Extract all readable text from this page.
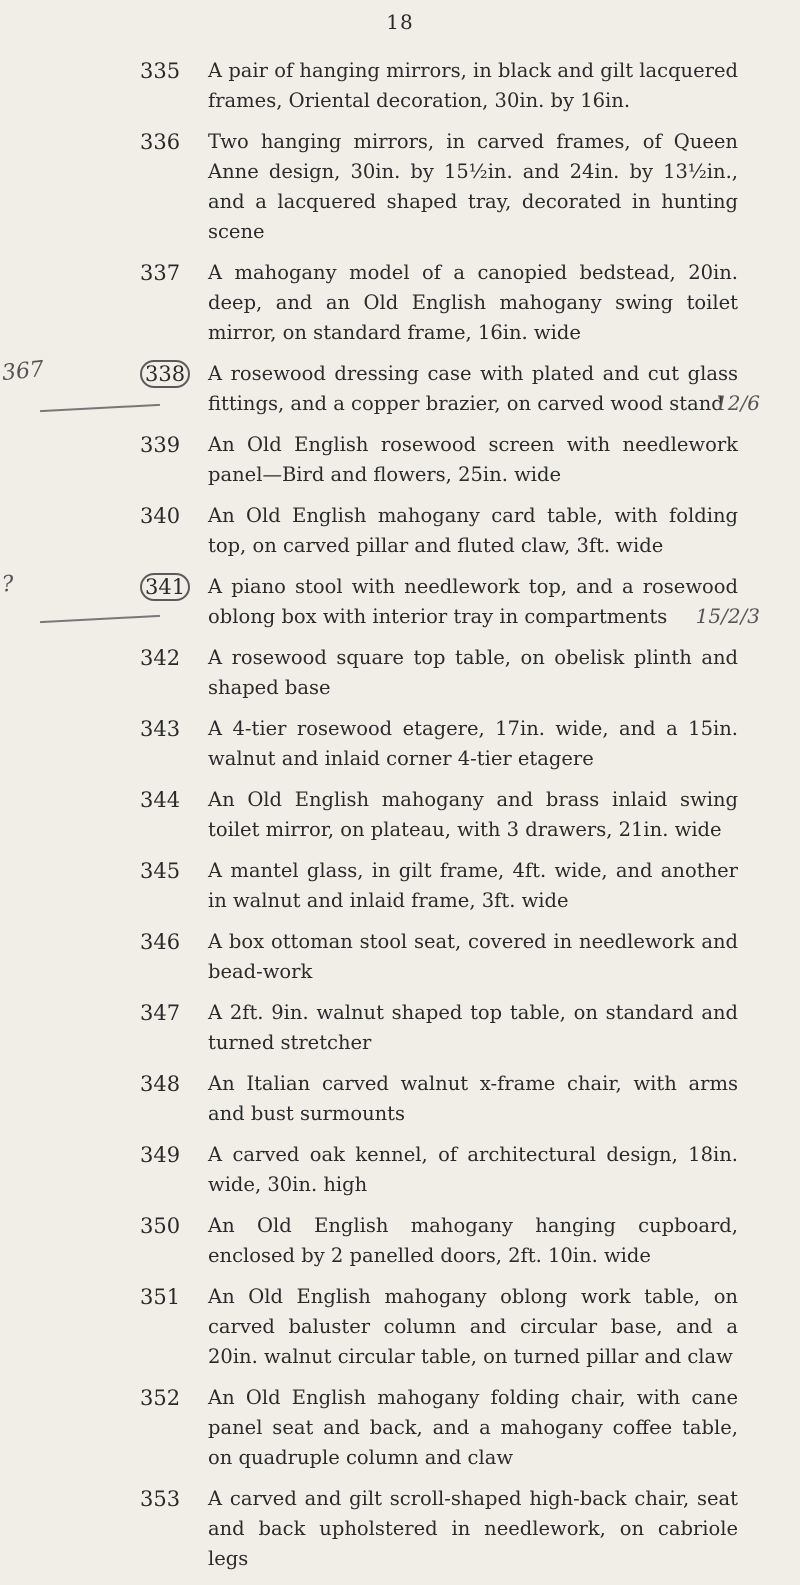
18
335	A pair of hanging mirrors, in black and gilt lacquered frames, Oriental decoration, 30in. by 16in.
336	Two hanging mirrors, in carved frames, of Queen Anne design, 30in. by 15½in. and 24in. by 13½in., and a lacquered shaped tray, decorated in hunting scene
337	A mahogany model of a canopied bedstead, 20in. deep, and an Old English mahogany swing toilet mirror, on standard frame, 16in. wide
367	338	A rosewood dressing case with plated and cut glass fittings, and a copper brazier, on carved wood stand
12/6
339	An Old English rosewood screen with needlework panel—Bird and flowers, 25in. wide
340	An Old English mahogany card table, with folding top, on carved pillar and fluted claw, 3ft. wide
?	341	A piano stool with needlework top, and a rosewood oblong box with interior tray in compartments	15/2/3
342	A rosewood square top table, on obelisk plinth and shaped base
343	A 4-tier rosewood etagere, 17in. wide, and a 15in. walnut and inlaid corner 4-tier etagere
344	An Old English mahogany and brass inlaid swing toilet mirror, on plateau, with 3 drawers, 21in. wide
345	A mantel glass, in gilt frame, 4ft. wide, and another in walnut and inlaid frame, 3ft. wide
346	A box ottoman stool seat, covered in needlework and bead-work
347	A 2ft. 9in. walnut shaped top table, on standard and turned stretcher
348	An Italian carved walnut x-frame chair, with arms and bust surmounts
349	A carved oak kennel, of architectural design, 18in. wide, 30in. high
350	An Old English mahogany hanging cupboard, enclosed by 2 panelled doors, 2ft. 10in. wide
351	An Old English mahogany oblong work table, on carved baluster column and circular base, and a 20in. walnut circular table, on turned pillar and claw
352	An Old English mahogany folding chair, with cane panel seat and back, and a mahogany coffee table, on quadruple column and claw
353	A carved and gilt scroll-shaped high-back chair, seat and back upholstered in needlework, on cabriole legs
